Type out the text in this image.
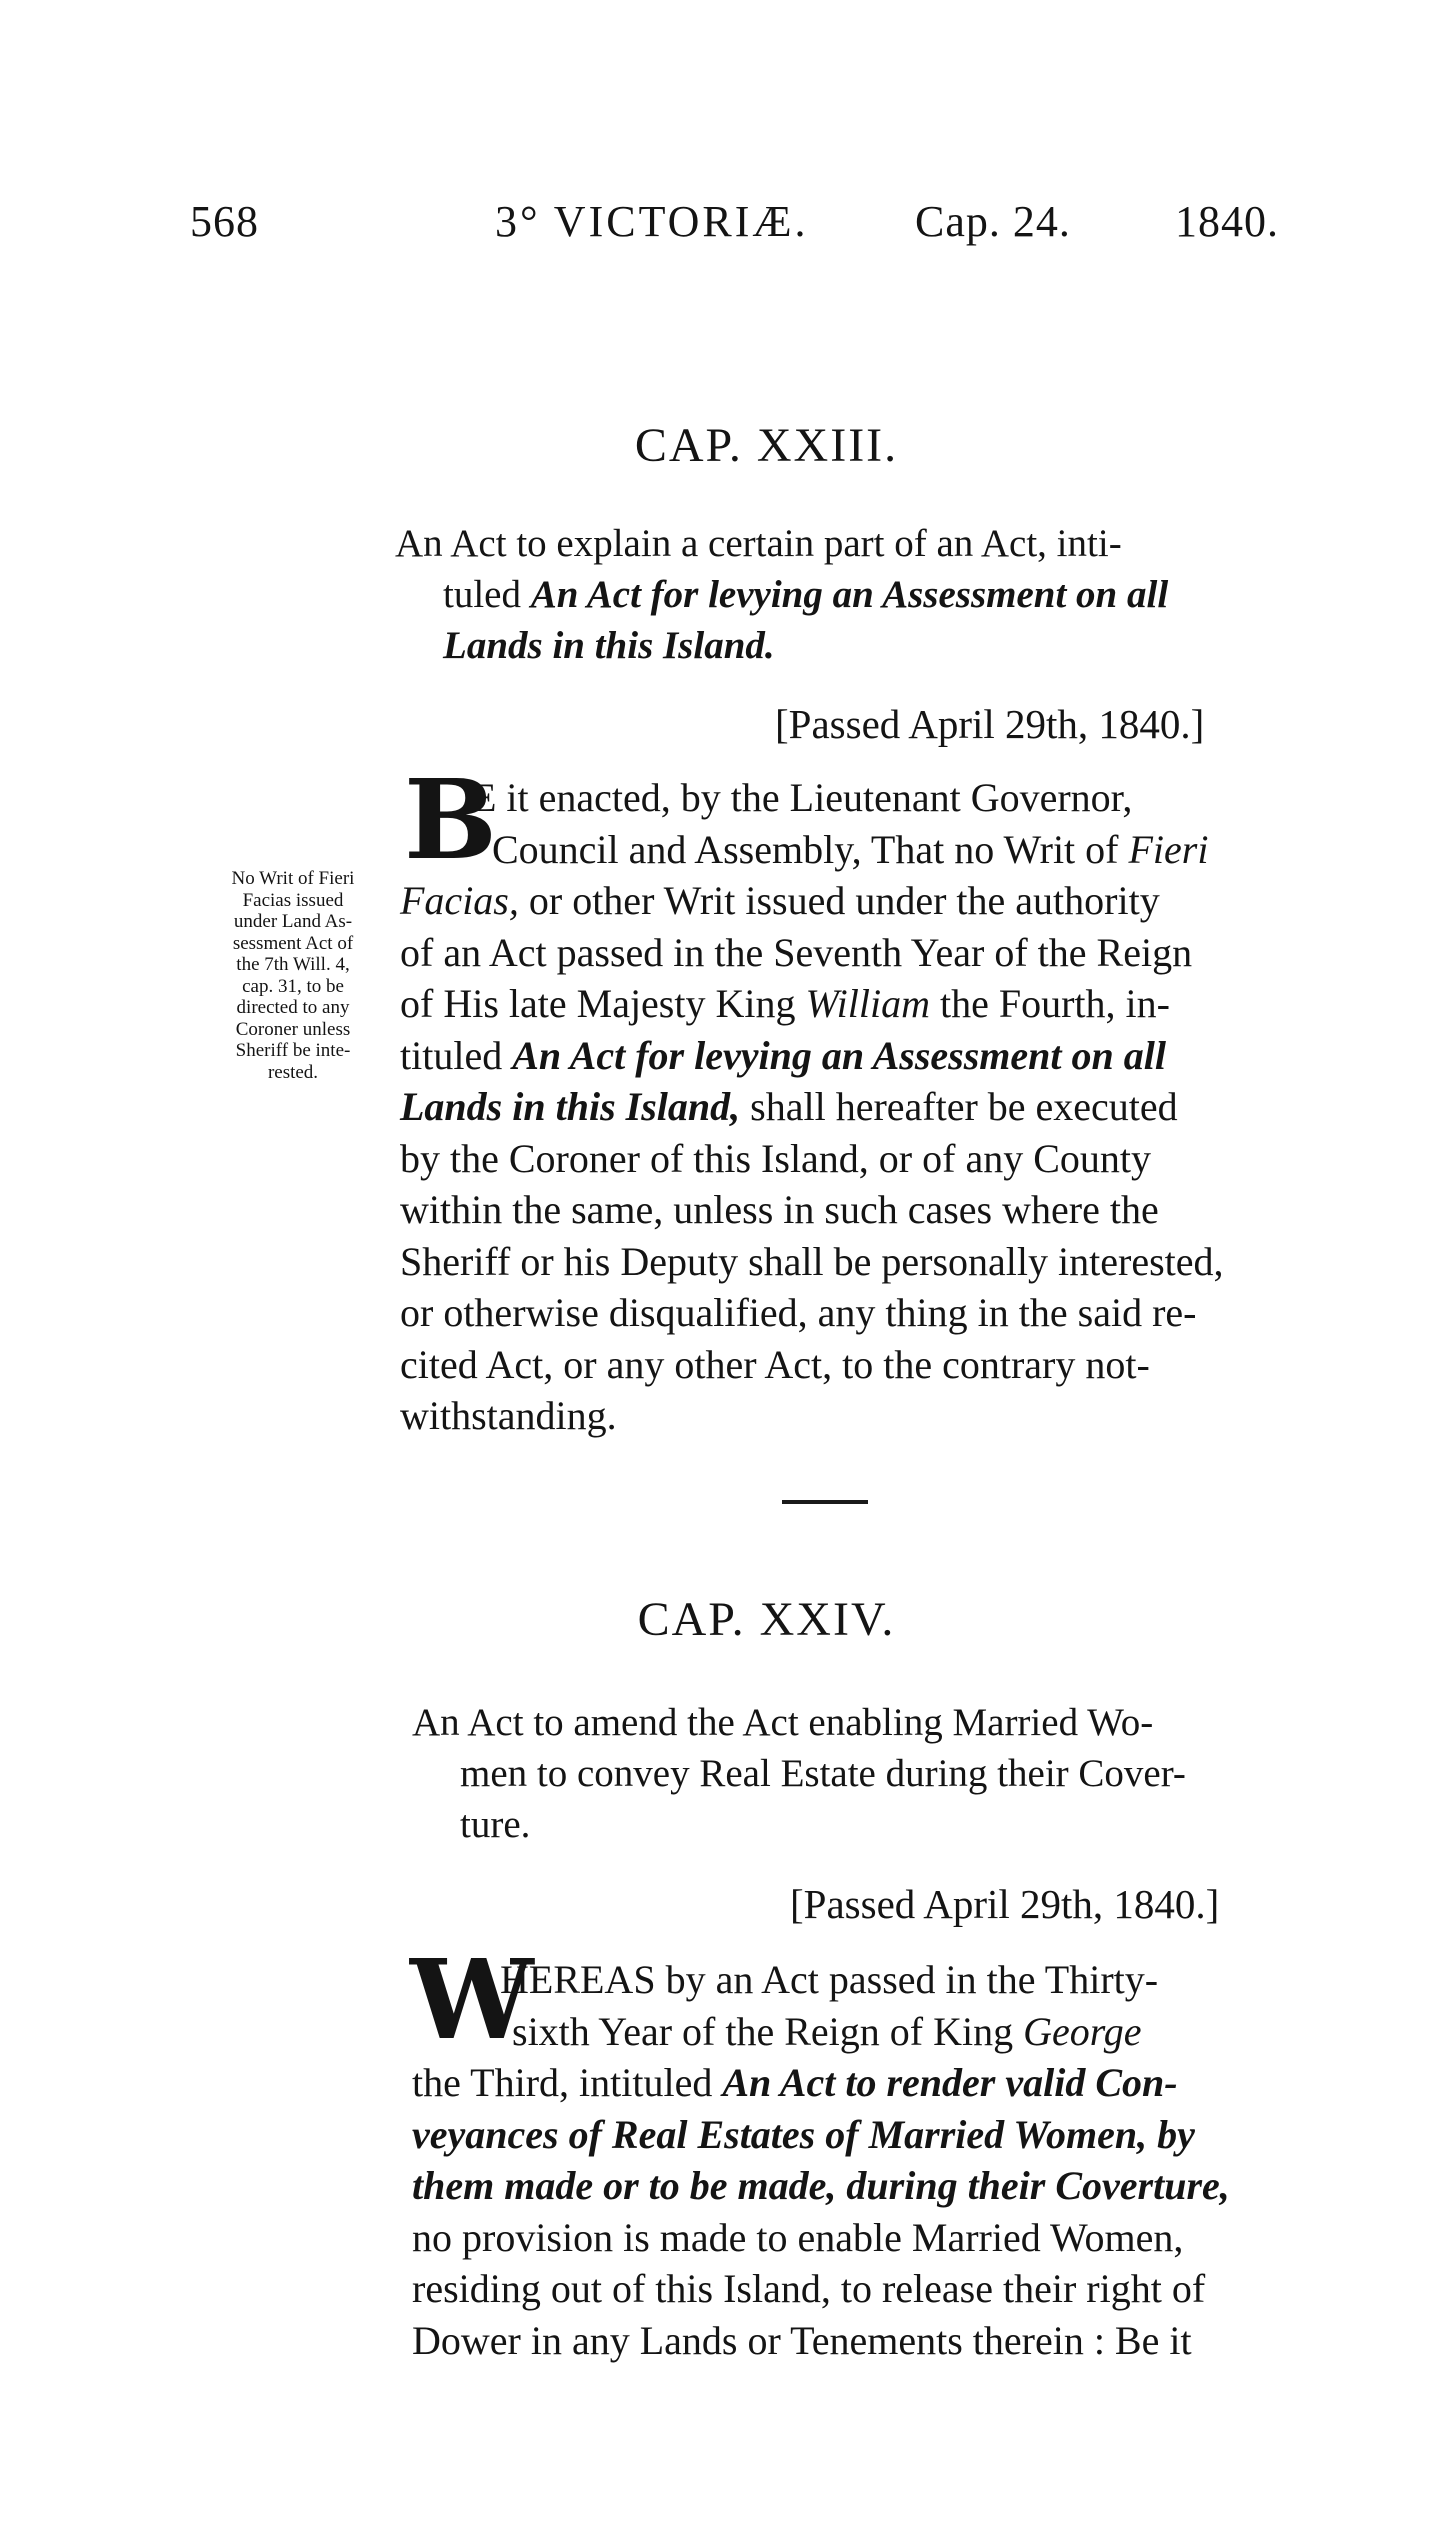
568	3° VICTORIÆ. Cap. 24. 1840.
CAP. XXIII.
An Act to explain a certain part of an Act, inti-
tuled An Act for levying an Assessment on all
Lands in this Island.
[Passed April 29th, 1840.]
B
E it enacted, by the Lieutenant Governor,
Council and Assembly, That no Writ of Fieri
Facias, or other Writ issued under the authority
of an Act passed in the Seventh Year of the Reign
of His late Majesty King William the Fourth, in-
tituled An Act for levying an Assessment on all
Lands in this Island, shall hereafter be executed
by the Coroner of this Island, or of any County
within the same, unless in such cases where the
Sheriff or his Deputy shall be personally interested,
or otherwise disqualified, any thing in the said re-
cited Act, or any other Act, to the contrary not-
withstanding.
No Writ of Fieri
Facias issued
under Land As-
sessment Act of
the 7th Will. 4,
cap. 31, to be
directed to any
Coroner unless
Sheriff be inte-
rested.
CAP. XXIV.
An Act to amend the Act enabling Married Wo-
men to convey Real Estate during their Cover-
ture.
[Passed April 29th, 1840.]
W
HEREAS by an Act passed in the Thirty-
sixth Year of the Reign of King George
the Third, intituled An Act to render valid Con-
veyances of Real Estates of Married Women, by
them made or to be made, during their Coverture,
no provision is made to enable Married Women,
residing out of this Island, to release their right of
Dower in any Lands or Tenements therein : Be it
